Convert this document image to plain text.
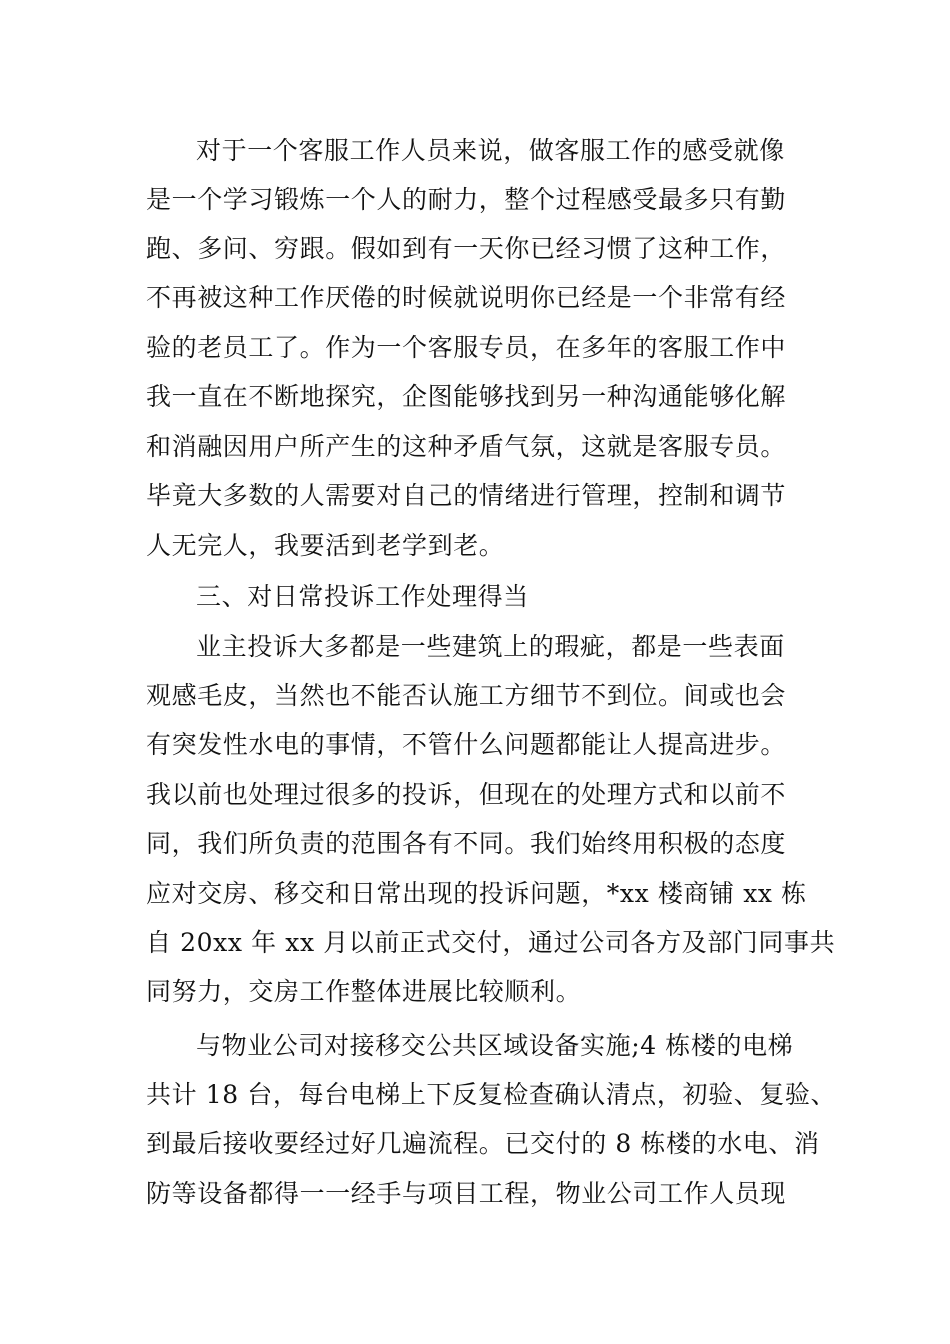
对于一个客服工作人员来说，做客服工作的感受就像
是一个学习锻炼一个人的耐力，整个过程感受最多只有勤
跑、多问、穷跟。假如到有一天你已经习惯了这种工作，
不再被这种工作厌倦的时候就说明你已经是一个非常有经
验的老员工了。作为一个客服专员，在多年的客服工作中
我一直在不断地探究，企图能够找到另一种沟通能够化解
和消融因用户所产生的这种矛盾气氛，这就是客服专员。
毕竟大多数的人需要对自己的情绪进行管理，控制和调节
人无完人，我要活到老学到老。
三、对日常投诉工作处理得当
业主投诉大多都是一些建筑上的瑕疵，都是一些表面
观感毛皮，当然也不能否认施工方细节不到位。间或也会
有突发性水电的事情，不管什么问题都能让人提高进步。
我以前也处理过很多的投诉，但现在的处理方式和以前不
同，我们所负责的范围各有不同。我们始终用积极的态度
应对交房、移交和日常出现的投诉问题，*xx 楼商铺 xx 栋
自 20xx 年 xx 月以前正式交付，通过公司各方及部门同事共
同努力，交房工作整体进展比较顺利。
与物业公司对接移交公共区域设备实施;4 栋楼的电梯
共计 18 台，每台电梯上下反复检查确认清点，初验、复验、
到最后接收要经过好几遍流程。已交付的 8 栋楼的水电、消
防等设备都得一一经手与项目工程，物业公司工作人员现
